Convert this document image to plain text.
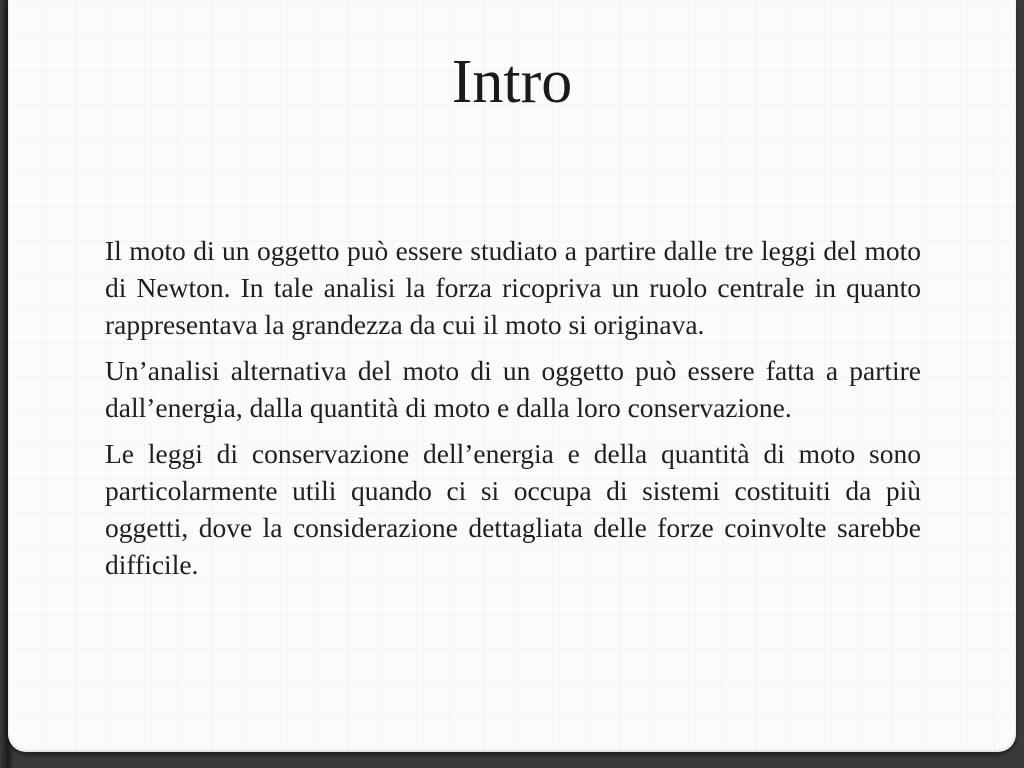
Intro

Il moto di un oggetto può essere studiato a partire dalle tre leggi del moto di Newton. In tale analisi la forza ricopriva un ruolo centrale in quanto rappresentava la grandezza da cui il moto si originava.

Un’analisi alternativa del moto di un oggetto può essere fatta a partire dall’energia, dalla quantità di moto e dalla loro conservazione.

Le leggi di conservazione dell’energia e della quantità di moto sono particolarmente utili quando ci si occupa di sistemi costituiti da più oggetti, dove la considerazione dettagliata delle forze coinvolte sarebbe difficile.
